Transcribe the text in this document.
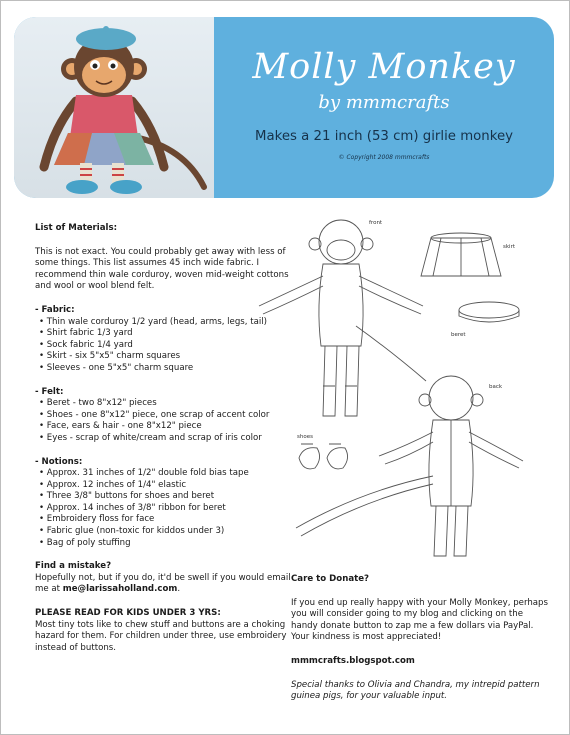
Molly Monkey
by mmmcrafts
Makes a 21 inch (53 cm) girlie monkey
© Copyright 2008 mmmcrafts
List of Materials:
This is not exact. You could probably get away with less of some things. This list assumes 45 inch wide fabric. I recommend thin wale corduroy, woven mid-weight cottons and wool or wool blend felt.
- Fabric:
• Thin wale corduroy 1/2 yard (head, arms, legs, tail)
• Shirt fabric 1/3 yard
• Sock fabric 1/4 yard
• Skirt - six 5"x5" charm squares
• Sleeves - one 5"x5" charm square
- Felt:
• Beret - two 8"x12" pieces
• Shoes - one 8"x12" piece, one scrap of accent color
• Face, ears & hair - one 8"x12" piece
• Eyes - scrap of white/cream and scrap of iris color
- Notions:
• Approx. 31 inches of 1/2" double fold bias tape
• Approx. 12 inches of 1/4" elastic
• Three 3/8" buttons for shoes and beret
• Approx. 14 inches of 3/8" ribbon for beret
• Embroidery floss for face
• Fabric glue (non-toxic for kiddos under 3)
• Bag of poly stuffing
Find a mistake?
Hopefully not, but if you do, it'd be swell if you would email me at me@larissaholland.com.
PLEASE READ FOR KIDS UNDER 3 YRS:
Most tiny tots like to chew stuff and buttons are a choking hazard for them. For children under three, use embroidery instead of buttons.
front
skirt
beret
back
shoes
Care to Donate?
If you end up really happy with your Molly Monkey, perhaps you will consider going to my blog and clicking on the handy donate button to zap me a few dollars via PayPal. Your kindness is most appreciated!
mmmcrafts.blogspot.com
Special thanks to Olivia and Chandra, my intrepid pattern guinea pigs, for your valuable input.
